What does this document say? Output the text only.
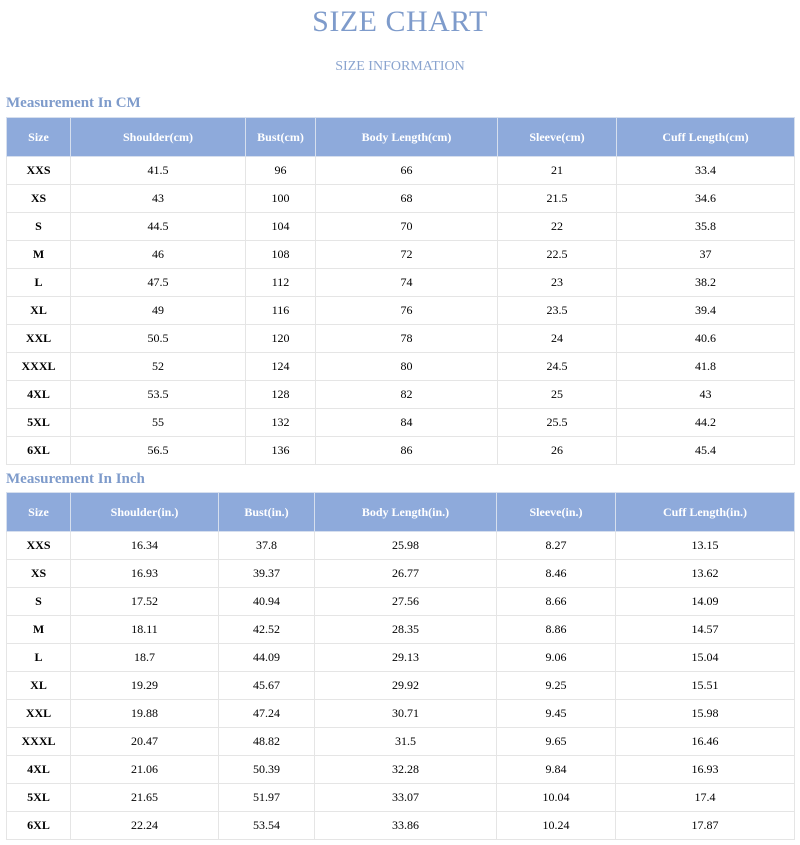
SIZE CHART
SIZE INFORMATION
Measurement In CM
Size	Shoulder(cm)	Bust(cm)	Body Length(cm)	Sleeve(cm)	Cuff Length(cm)
XXS	41.5	96	66	21	33.4
XS	43	100	68	21.5	34.6
S	44.5	104	70	22	35.8
M	46	108	72	22.5	37
L	47.5	112	74	23	38.2
XL	49	116	76	23.5	39.4
XXL	50.5	120	78	24	40.6
XXXL	52	124	80	24.5	41.8
4XL	53.5	128	82	25	43
5XL	55	132	84	25.5	44.2
6XL	56.5	136	86	26	45.4
Measurement In Inch
Size	Shoulder(in.)	Bust(in.)	Body Length(in.)	Sleeve(in.)	Cuff Length(in.)
XXS	16.34	37.8	25.98	8.27	13.15
XS	16.93	39.37	26.77	8.46	13.62
S	17.52	40.94	27.56	8.66	14.09
M	18.11	42.52	28.35	8.86	14.57
L	18.7	44.09	29.13	9.06	15.04
XL	19.29	45.67	29.92	9.25	15.51
XXL	19.88	47.24	30.71	9.45	15.98
XXXL	20.47	48.82	31.5	9.65	16.46
4XL	21.06	50.39	32.28	9.84	16.93
5XL	21.65	51.97	33.07	10.04	17.4
6XL	22.24	53.54	33.86	10.24	17.87
